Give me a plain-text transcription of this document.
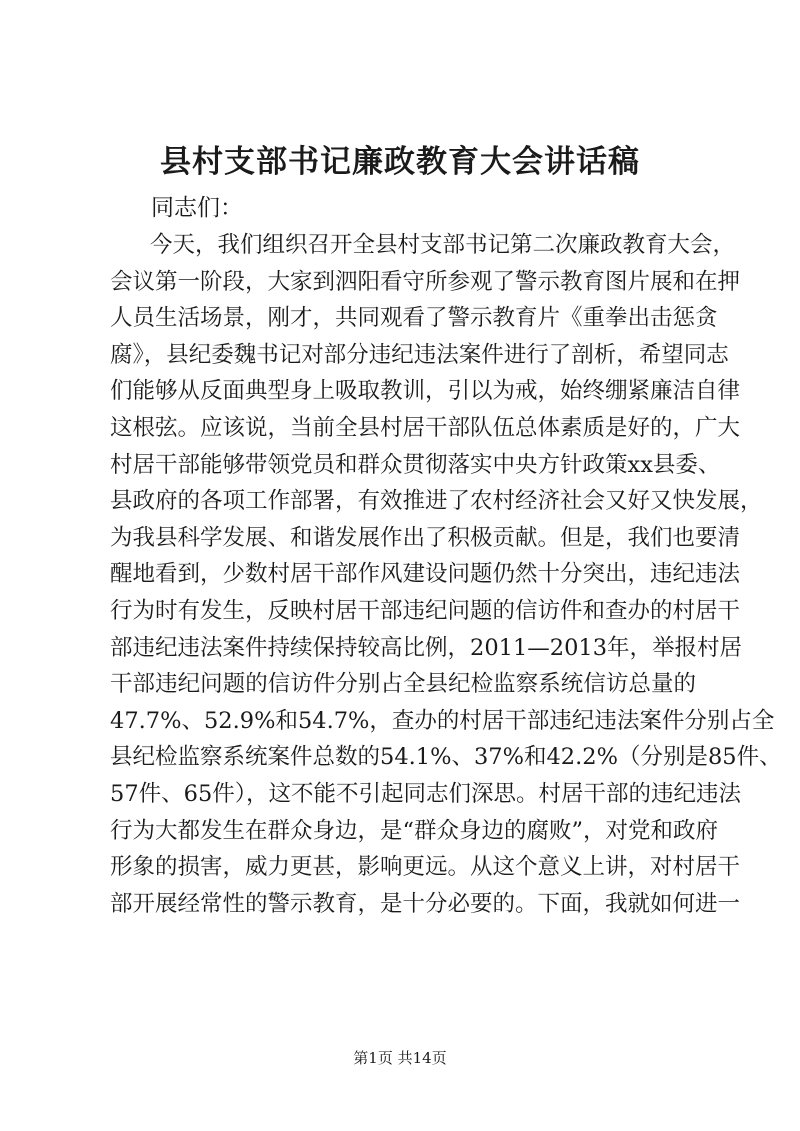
县村支部书记廉政教育大会讲话稿
同志们：
今天，我们组织召开全县村支部书记第二次廉政教育大会，
会议第一阶段，大家到泗阳看守所参观了警示教育图片展和在押
人员生活场景，刚才，共同观看了警示教育片《重拳出击惩贪
腐》，县纪委魏书记对部分违纪违法案件进行了剖析，希望同志
们能够从反面典型身上吸取教训，引以为戒，始终绷紧廉洁自律
这根弦。应该说，当前全县村居干部队伍总体素质是好的，广大
村居干部能够带领党员和群众贯彻落实中央方针政策xx县委、
县政府的各项工作部署，有效推进了农村经济社会又好又快发展，
为我县科学发展、和谐发展作出了积极贡献。但是，我们也要清
醒地看到，少数村居干部作风建设问题仍然十分突出，违纪违法
行为时有发生，反映村居干部违纪问题的信访件和查办的村居干
部违纪违法案件持续保持较高比例，2011—2013年，举报村居
干部违纪问题的信访件分别占全县纪检监察系统信访总量的
47.7%、52.9%和54.7%，查办的村居干部违纪违法案件分别占全
县纪检监察系统案件总数的54.1%、37%和42.2%（分别是85件、
57件、65件），这不能不引起同志们深思。村居干部的违纪违法
行为大都发生在群众身边，是“群众身边的腐败”，对党和政府
形象的损害，威力更甚，影响更远。从这个意义上讲，对村居干
部开展经常性的警示教育，是十分必要的。下面，我就如何进一
第1页 共14页
